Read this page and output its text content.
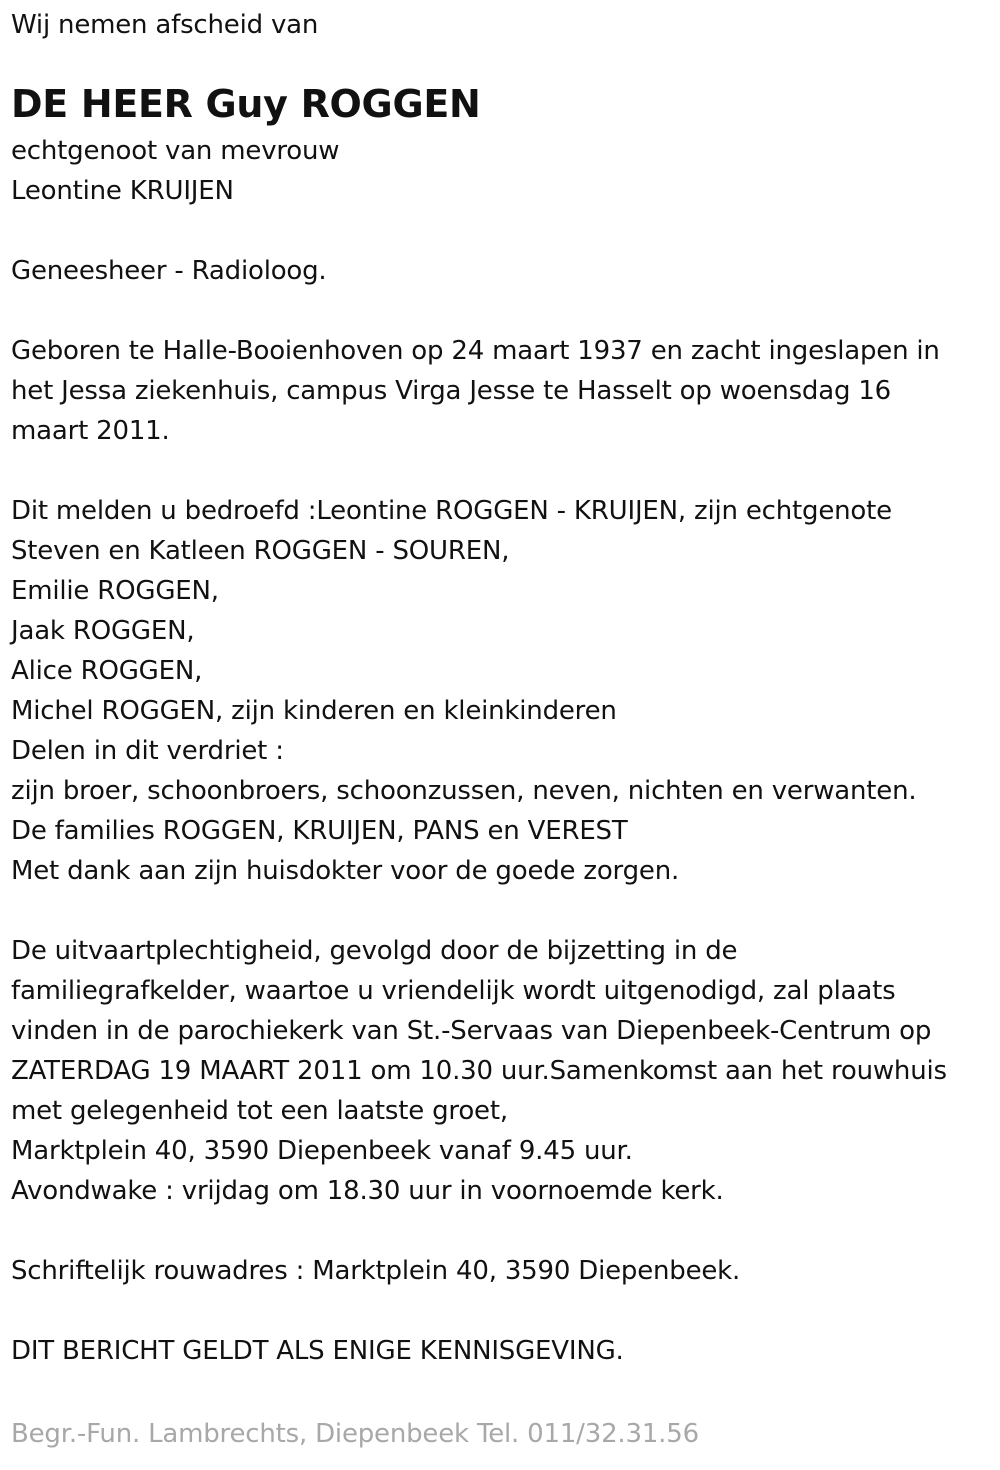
Wij nemen afscheid van
DE HEER Guy ROGGEN
echtgenoot van mevrouw
Leontine KRUIJEN
Geneesheer - Radioloog.
Geboren te Halle-Booienhoven op 24 maart 1937 en zacht ingeslapen in
het Jessa ziekenhuis, campus Virga Jesse te Hasselt op woensdag 16
maart 2011.
Dit melden u bedroefd :Leontine ROGGEN - KRUIJEN, zijn echtgenote
Steven en Katleen ROGGEN - SOUREN,
Emilie ROGGEN,
Jaak ROGGEN,
Alice ROGGEN,
Michel ROGGEN, zijn kinderen en kleinkinderen
Delen in dit verdriet :
zijn broer, schoonbroers, schoonzussen, neven, nichten en verwanten.
De families ROGGEN, KRUIJEN, PANS en VEREST
Met dank aan zijn huisdokter voor de goede zorgen.
De uitvaartplechtigheid, gevolgd door de bijzetting in de
familiegrafkelder, waartoe u vriendelijk wordt uitgenodigd, zal plaats
vinden in de parochiekerk van St.-Servaas van Diepenbeek-Centrum op
ZATERDAG 19 MAART 2011 om 10.30 uur.Samenkomst aan het rouwhuis
met gelegenheid tot een laatste groet,
Marktplein 40, 3590 Diepenbeek vanaf 9.45 uur.
Avondwake : vrijdag om 18.30 uur in voornoemde kerk.
Schriftelijk rouwadres : Marktplein 40, 3590 Diepenbeek.
DIT BERICHT GELDT ALS ENIGE KENNISGEVING.
Begr.-Fun. Lambrechts, Diepenbeek Tel. 011/32.31.56
